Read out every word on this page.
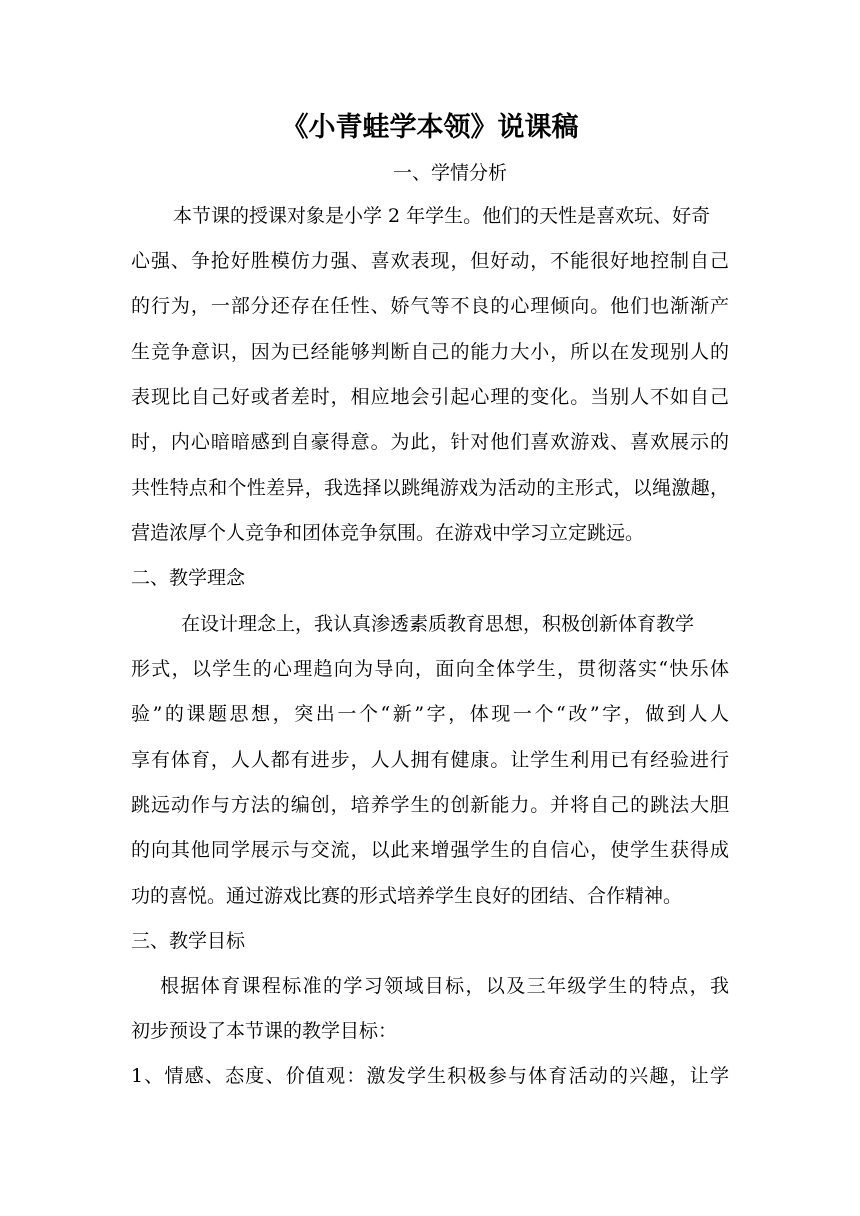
《小青蛙学本领》说课稿
一、学情分析
本节课的授课对象是小学 2 年学生。他们的天性是喜欢玩、好奇
心强、争抢好胜模仿力强、喜欢表现，但好动，不能很好地控制自己
的行为，一部分还存在任性、娇气等不良的心理倾向。他们也渐渐产
生竞争意识，因为已经能够判断自己的能力大小，所以在发现别人的
表现比自己好或者差时，相应地会引起心理的变化。当别人不如自己
时，内心暗暗感到自豪得意。为此，针对他们喜欢游戏、喜欢展示的
共性特点和个性差异，我选择以跳绳游戏为活动的主形式，以绳激趣，
营造浓厚个人竞争和团体竞争氛围。在游戏中学习立定跳远。
二、教学理念
在设计理念上，我认真渗透素质教育思想，积极创新体育教学
形式，以学生的心理趋向为导向，面向全体学生，贯彻落实“快乐体
验”的课题思想，突出一个“新”字，体现一个“改”字，做到人人
享有体育，人人都有进步，人人拥有健康。让学生利用已有经验进行
跳远动作与方法的编创，培养学生的创新能力。并将自己的跳法大胆
的向其他同学展示与交流，以此来增强学生的自信心，使学生获得成
功的喜悦。通过游戏比赛的形式培养学生良好的团结、合作精神。
三、教学目标
根据体育课程标准的学习领域目标，以及三年级学生的特点，我
初步预设了本节课的教学目标：
1、情感、态度、价值观：激发学生积极参与体育活动的兴趣，让学
